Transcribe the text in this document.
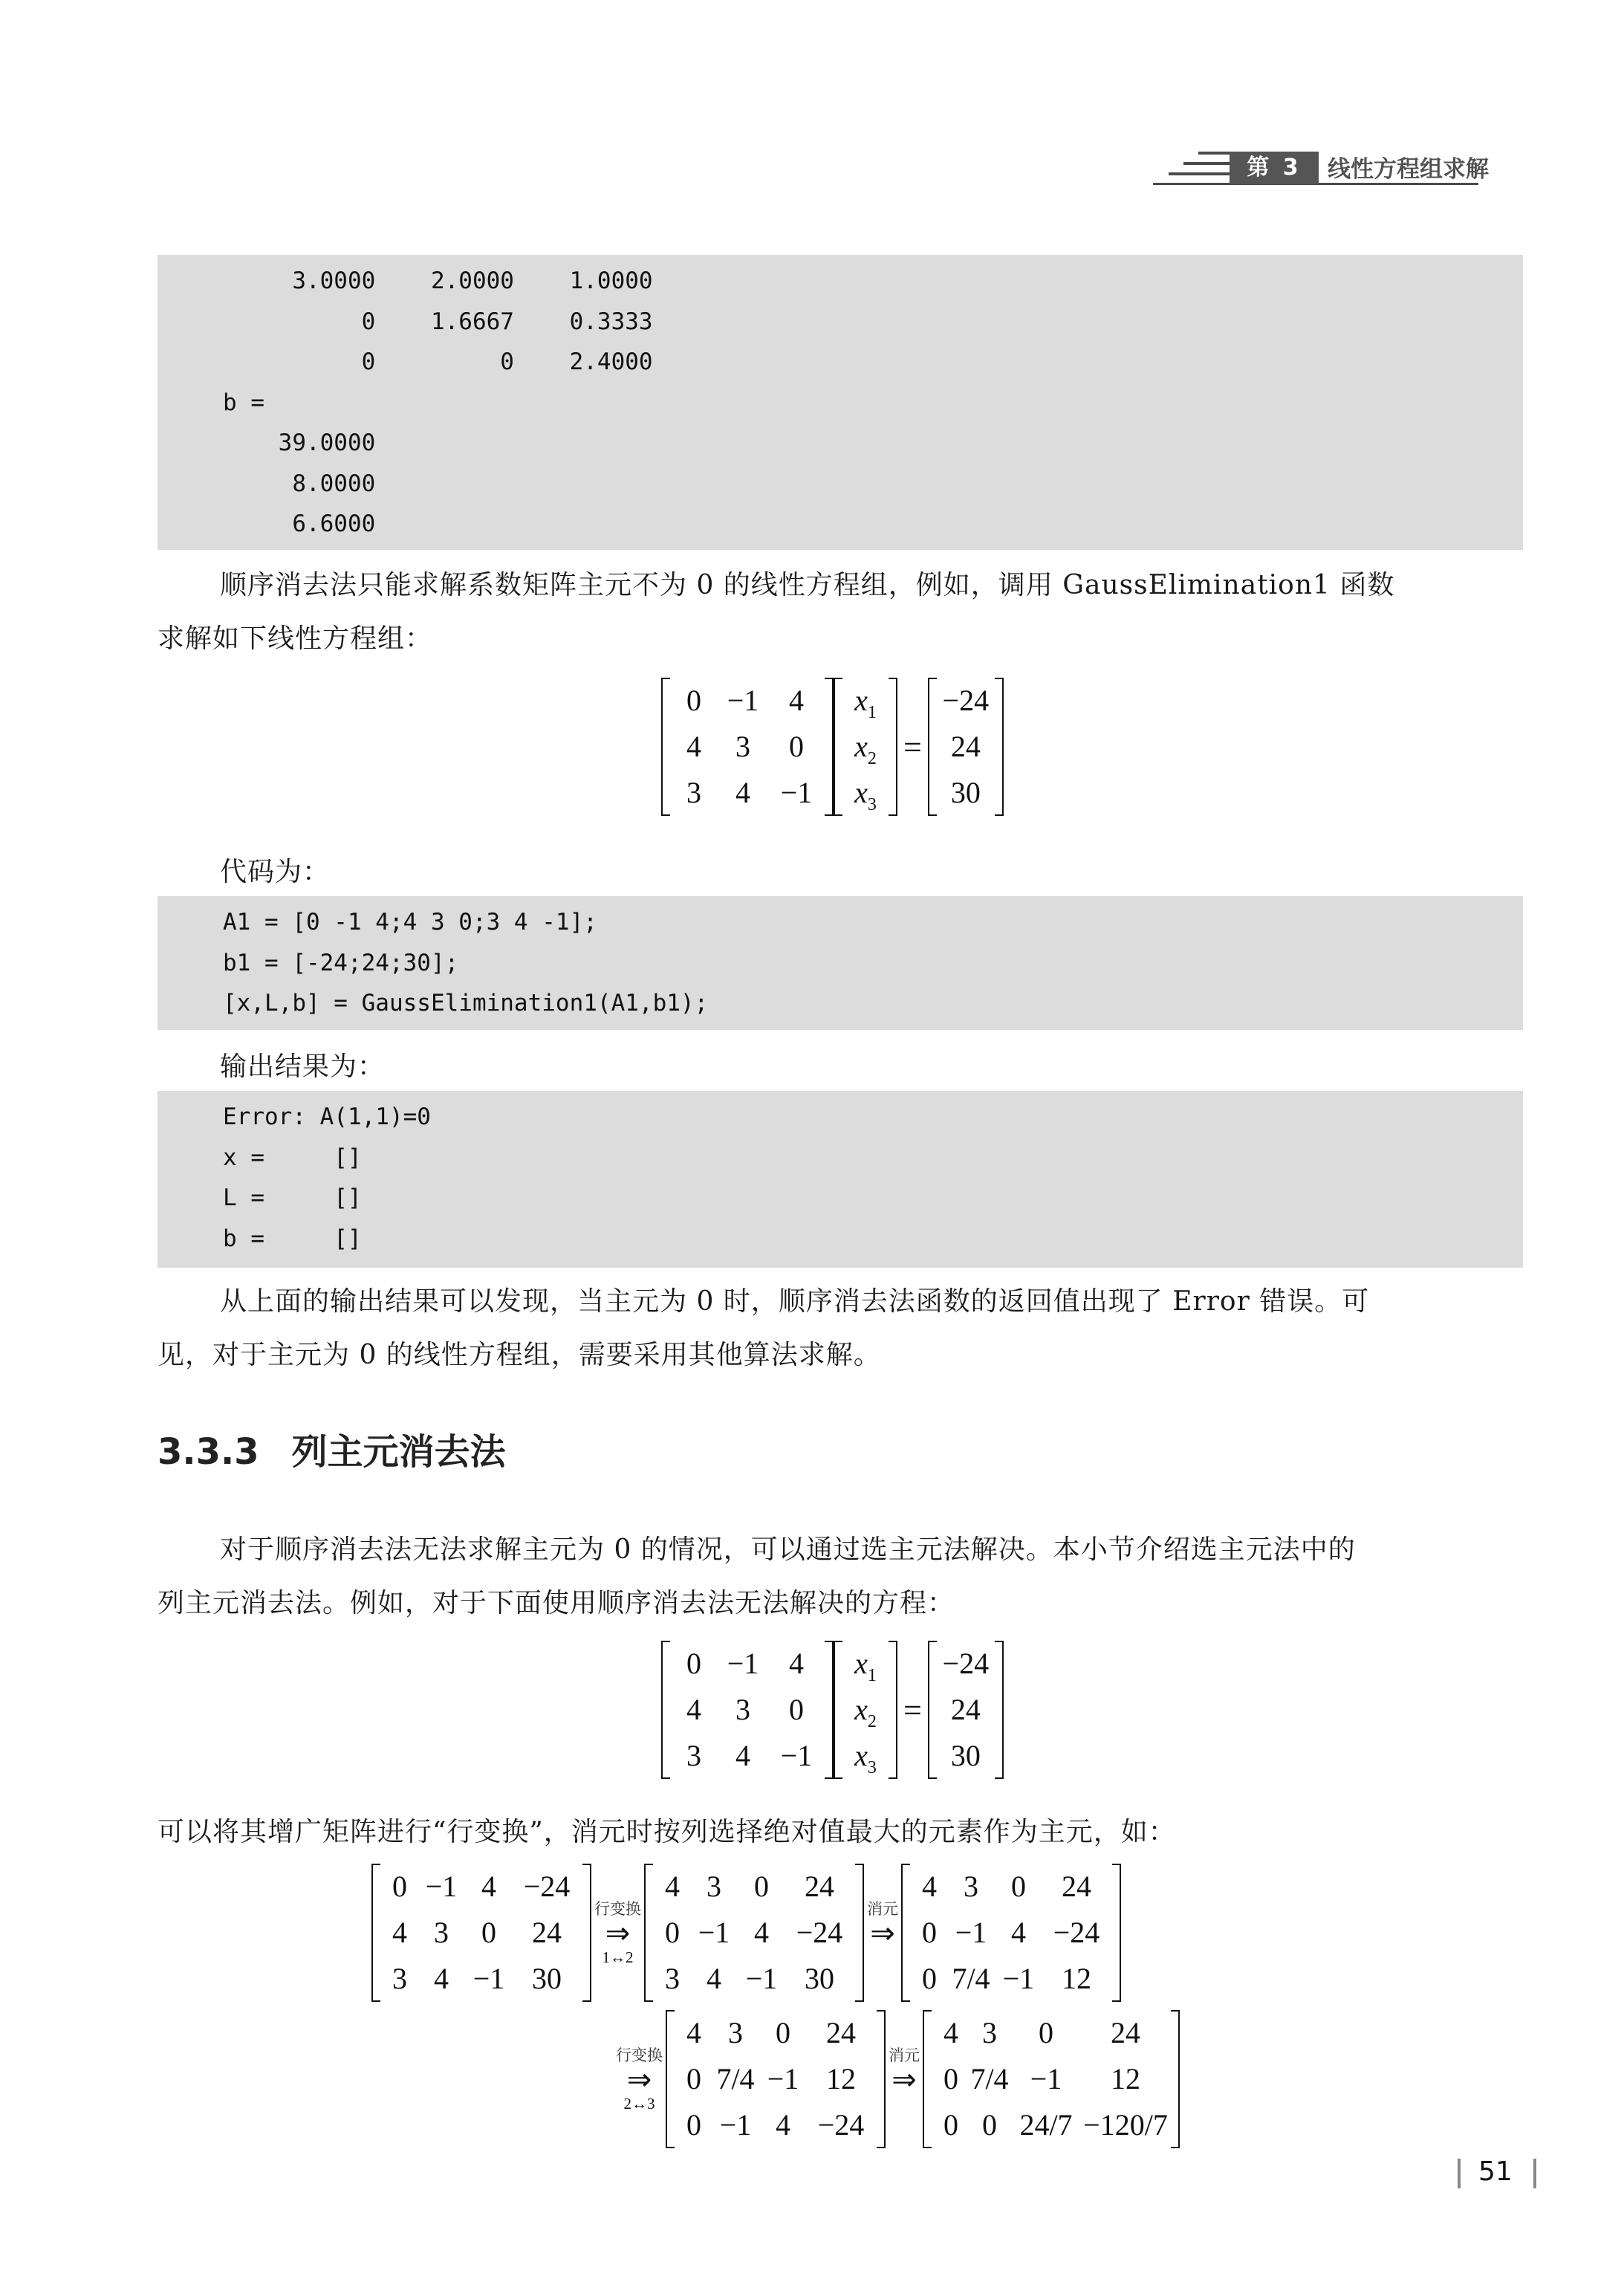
第 3 章
线性方程组求解
3.0000    2.0000    1.0000
0    1.6667    0.3333
0         0    2.4000
b =
39.0000
8.0000
6.6000
顺序消去法只能求解系数矩阵主元不为 0 的线性方程组，例如，调用 GaussElimination1 函数
求解如下线性方程组：
0 −1	4
4	3	0
3	4	−1
$x_1$
$x_2$
$x_3$
=
−24
24
30
代码为：
A1 = [0 -1 4;4 3 0;3 4 -1];
b1 = [-24;24;30];
[x,L,b] = GaussElimination1(A1,b1);
输出结果为：
Error: A(1,1)=0
x =     []
L =     []
b =     []
从上面的输出结果可以发现，当主元为 0 时，顺序消去法函数的返回值出现了 Error 错误。可
见，对于主元为 0 的线性方程组，需要采用其他算法求解。
3.3.3 列主元消去法
对于顺序消去法无法求解主元为 0 的情况，可以通过选主元法解决。本小节介绍选主元法中的
列主元消去法。例如，对于下面使用顺序消去法无法解决的方程：
0 −1	4
4	3	0
3	4	−1
$x_1$
$x_2$
$x_3$
=
−24
24
30
可以将其增广矩阵进行“行变换”，消元时按列选择绝对值最大的元素作为主元，如：
0 −1 4 −24
4 3	0	24
3 4 −1 30
行变换
⇒
1↔2
4 3	0	24
0 −1 4 −24
3 4 −1 30
消元
⇒
4 3	0	24
0 −1 4 −24
0 7/4 −1 12
行变换
⇒
2↔3
4 3	0	24
0 7/4 −1 12
0 −1 4 −24
消元
⇒
4 3	0	24
0 7/4 −1	12
0 0 24/7 −120/7
51
